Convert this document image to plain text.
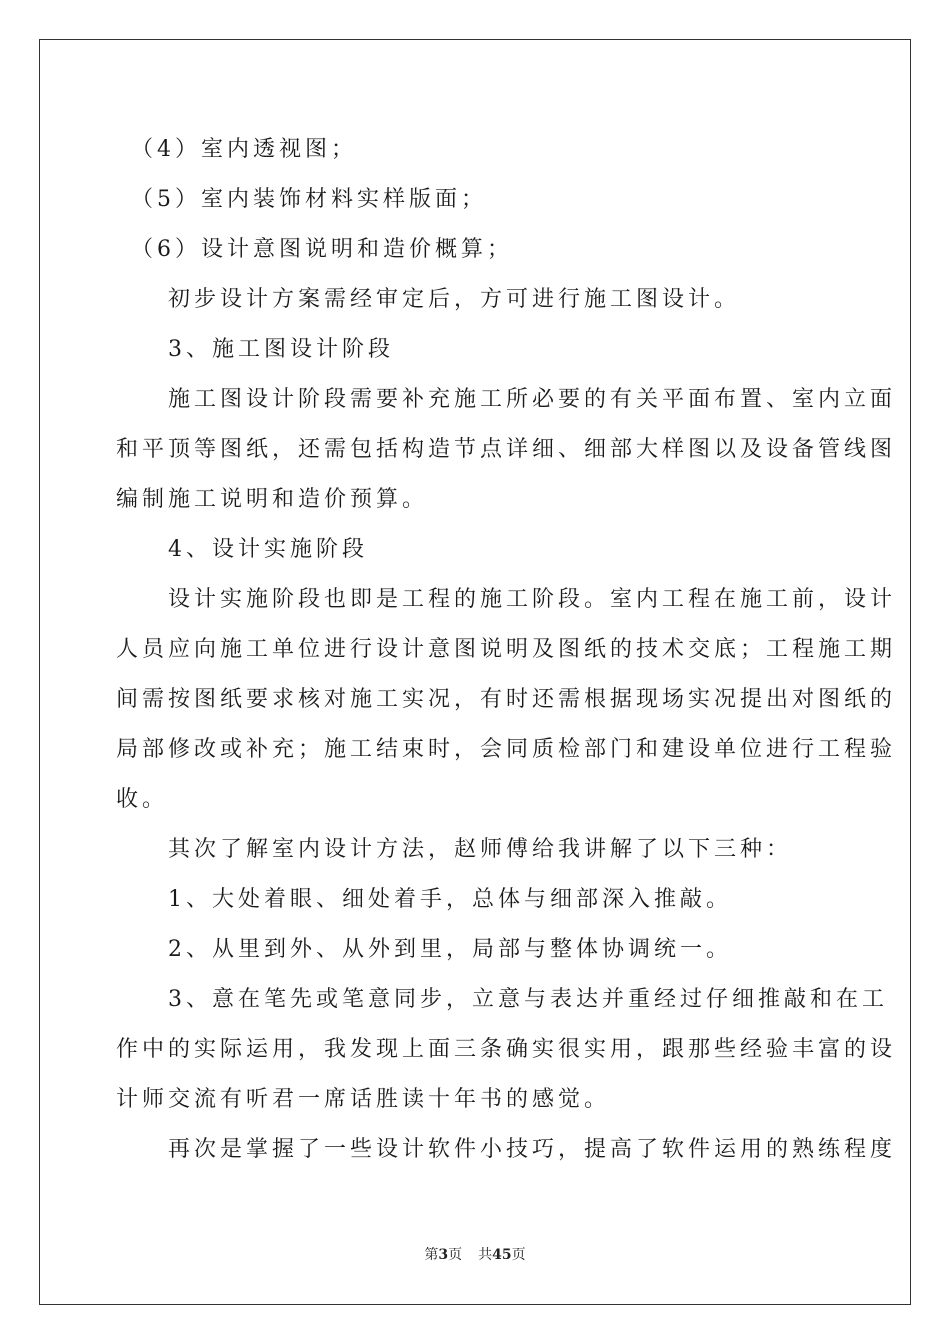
　（4）室内透视图；
　（5）室内装饰材料实样版面；
　（6）设计意图说明和造价概算；
　　初步设计方案需经审定后，方可进行施工图设计。
　　3、施工图设计阶段
　　施工图设计阶段需要补充施工所必要的有关平面布置、室内立面
和平顶等图纸，还需包括构造节点详细、细部大样图以及设备管线图
编制施工说明和造价预算。
　　4、设计实施阶段
　　设计实施阶段也即是工程的施工阶段。室内工程在施工前，设计
人员应向施工单位进行设计意图说明及图纸的技术交底；工程施工期
间需按图纸要求核对施工实况，有时还需根据现场实况提出对图纸的
局部修改或补充；施工结束时，会同质检部门和建设单位进行工程验
收。
　　其次了解室内设计方法，赵师傅给我讲解了以下三种：
　　1、大处着眼、细处着手，总体与细部深入推敲。
　　2、从里到外、从外到里，局部与整体协调统一。
　　3、意在笔先或笔意同步，立意与表达并重经过仔细推敲和在工
作中的实际运用，我发现上面三条确实很实用，跟那些经验丰富的设
计师交流有听君一席话胜读十年书的感觉。
　　再次是掌握了一些设计软件小技巧，提高了软件运用的熟练程度
第3页 共45页
